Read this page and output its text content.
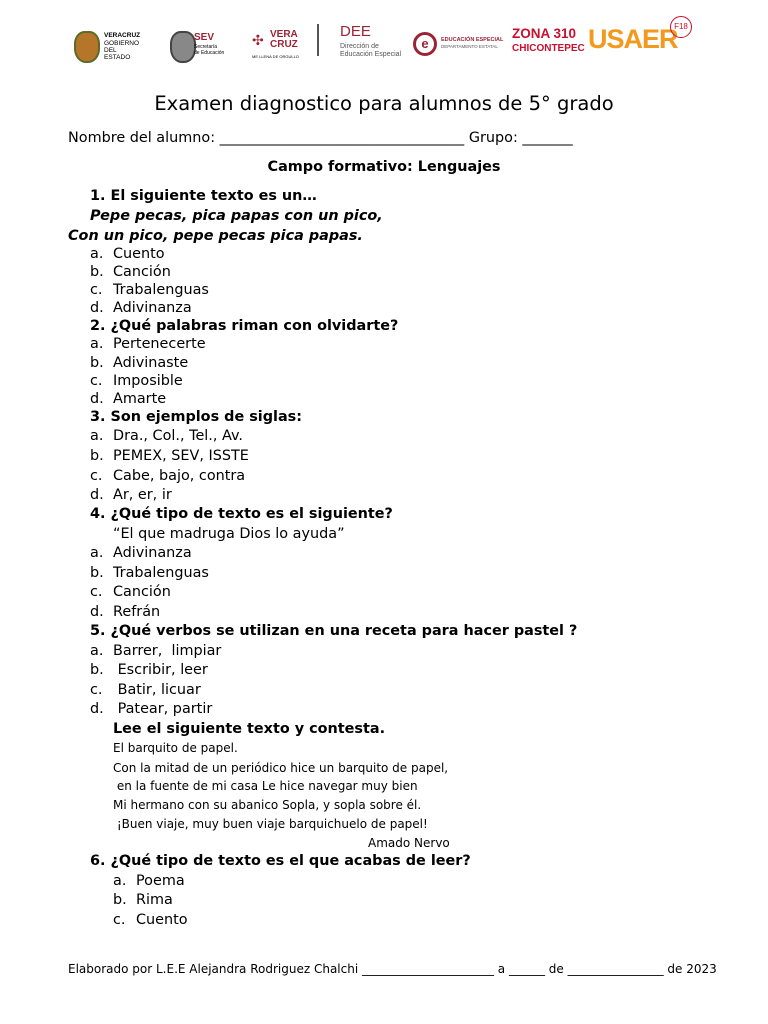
VERACRUZ
GOBIERNO
DEL ESTADO
SEV
Secretaría
de Educación
✣ VERA
CRUZ
ME LLENA DE ORGULLO
DEE
Dirección de
Educación Especial
e	EDUCACIÓN ESPECIAL
DEPARTAMENTO ESTATAL
ZONA 310
CHICONTEPEC USAER
F18
Examen diagnostico para alumnos de 5° grado
Nombre del alumno: __________________________________ Grupo: _______
Campo formativo: Lenguajes
1. El siguiente texto es un…
Pepe pecas, pica papas con un pico,
Con un pico, pepe pecas pica papas.
a. Cuento
b. Canción
c. Trabalenguas
d. Adivinanza
2. ¿Qué palabras riman con olvidarte?
a. Pertenecerte
b. Adivinaste
c. Imposible
d. Amarte
3. Son ejemplos de siglas:
a. Dra., Col., Tel., Av.
b. PEMEX, SEV, ISSTE
c. Cabe, bajo, contra
d. Ar, er, ir
4. ¿Qué tipo de texto es el siguiente?
“El que madruga Dios lo ayuda”
a. Adivinanza
b. Trabalenguas
c. Canción
d. Refrán
5. ¿Qué verbos se utilizan en una receta para hacer pastel ?
a. Barrer,  limpiar
b. Escribir, leer
c. Batir, licuar
d. Patear, partir
Lee el siguiente texto y contesta.
El barquito de papel.
Con la mitad de un periódico hice un barquito de papel,
en la fuente de mi casa Le hice navegar muy bien
Mi hermano con su abanico Sopla, y sopla sobre él.
¡Buen viaje, muy buen viaje barquichuelo de papel!
Amado Nervo
6. ¿Qué tipo de texto es el que acabas de leer?
a. Poema
b. Rima
c. Cuento
Elaborado por L.E.E Alejandra Rodriguez Chalchi ______________________ a ______ de ________________ de 2023
